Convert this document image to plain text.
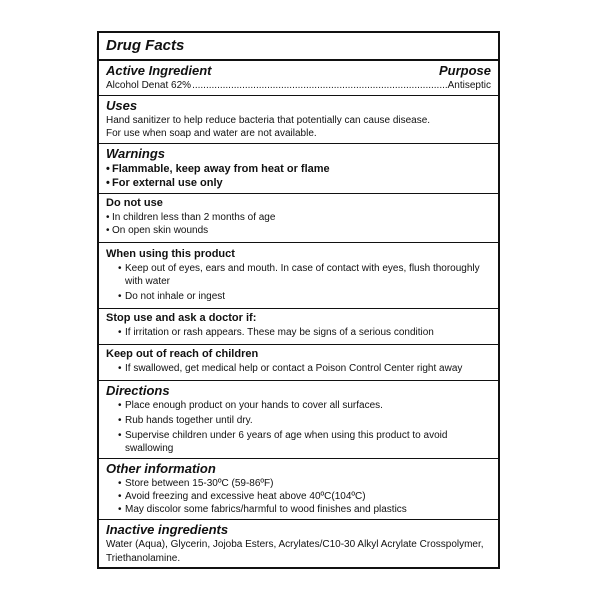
Drug Facts
Active Ingredient	Purpose
Alcohol Denat 62%
.....	Antiseptic
Uses
Hand sanitizer to help reduce bacteria that potentially can cause disease.
For use when soap and water are not available.
Warnings
• Flammable, keep away from heat or flame
• For external use only
Do not use
• In children less than 2 months of age
• On open skin wounds
When using this product
• Keep out of eyes, ears and mouth. In case of contact with eyes, flush thoroughly with water
• Do not inhale or ingest
Stop use and ask a doctor if:
• If irritation or rash appears. These may be signs of a serious condition
Keep out of reach of children
• If swallowed, get medical help or contact a Poison Control Center right away
Directions
• Place enough product on your hands to cover all surfaces.
• Rub hands together until dry.
• Supervise children under 6 years of age when using this product to avoid swallowing
Other information
• Store between 15-30ºC (59-86ºF)
• Avoid freezing and excessive heat above 40ºC(104ºC)
• May discolor some fabrics/harmful to wood finishes and plastics
Inactive ingredients
Water (Aqua), Glycerin, Jojoba Esters, Acrylates/C10-30 Alkyl Acrylate Crosspolymer, Triethanolamine.
